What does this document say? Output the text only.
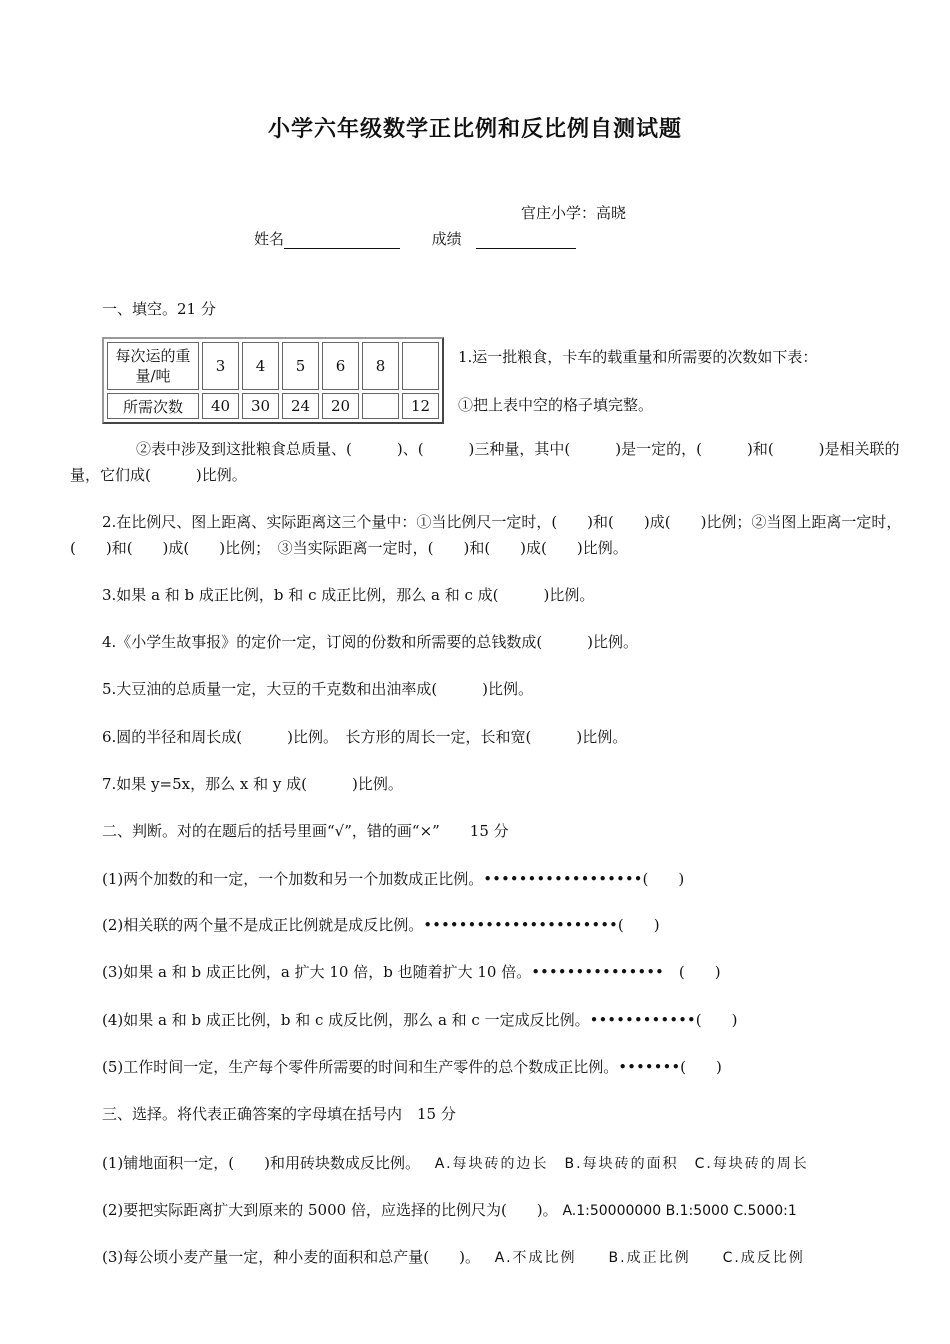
小学六年级数学正比例和反比例自测试题
官庄小学：高晓
姓名	成绩
一、填空。21 分
每次运的重量/吨	3	4	5	6	8	
所需次数	40	30	24	20		12
1.运一批粮食，卡车的载重量和所需要的次数如下表：
①把上表中空的格子填完整。
②表中涉及到这批粮食总质量、(　　　)、(　　　)三种量，其中(　　　)是一定的，(　　　)和(　　　)是相关联的量，它们成(　　　)比例。
2.在比例尺、图上距离、实际距离这三个量中：①当比例尺一定时，(　　)和(　　)成(　　)比例；②当图上距离一定时，(　　)和(　　)成(　　)比例；　③当实际距离一定时，(　　)和(　　)成(　　)比例。
3.如果 a 和 b 成正比例，b 和 c 成正比例，那么 a 和 c 成(　　　)比例。
4.《小学生故事报》的定价一定，订阅的份数和所需要的总钱数成(　　　)比例。
5.大豆油的总质量一定，大豆的千克数和出油率成(　　　)比例。
6.圆的半径和周长成(　　　)比例。　长方形的周长一定，长和宽(　　　)比例。
7.如果 y=5x，那么 x 和 y 成(　　　)比例。
二、判断。对的在题后的括号里画“√”，错的画“×”　　15 分
(1)两个加数的和一定，一个加数和另一个加数成正比例。••••••••••••••••••(　　)
(2)相关联的两个量不是成正比例就是成反比例。••••••••••••••••••••••(　　)
(3)如果 a 和 b 成正比例，a 扩大 10 倍，b 也随着扩大 10 倍。•••••••••••••••　(　　)
(4)如果 a 和 b 成正比例，b 和 c 成反比例，那么 a 和 c 一定成反比例。••••••••••••(　　)
(5)工作时间一定，生产每个零件所需要的时间和生产零件的总个数成正比例。•••••••(　　)
三、选择。将代表正确答案的字母填在括号内　15 分
(1)铺地面积一定，(　　)和用砖块数成反比例。 A.每块砖的边长　B.每块砖的面积　C.每块砖的周长
(2)要把实际距离扩大到原来的 5000 倍，应选择的比例尺为(　　)。 A.1:50000000 B.1:5000 C.5000:1
(3)每公顷小麦产量一定，种小麦的面积和总产量(　　)。 A.不成比例　　B.成正比例　　C.成反比例
